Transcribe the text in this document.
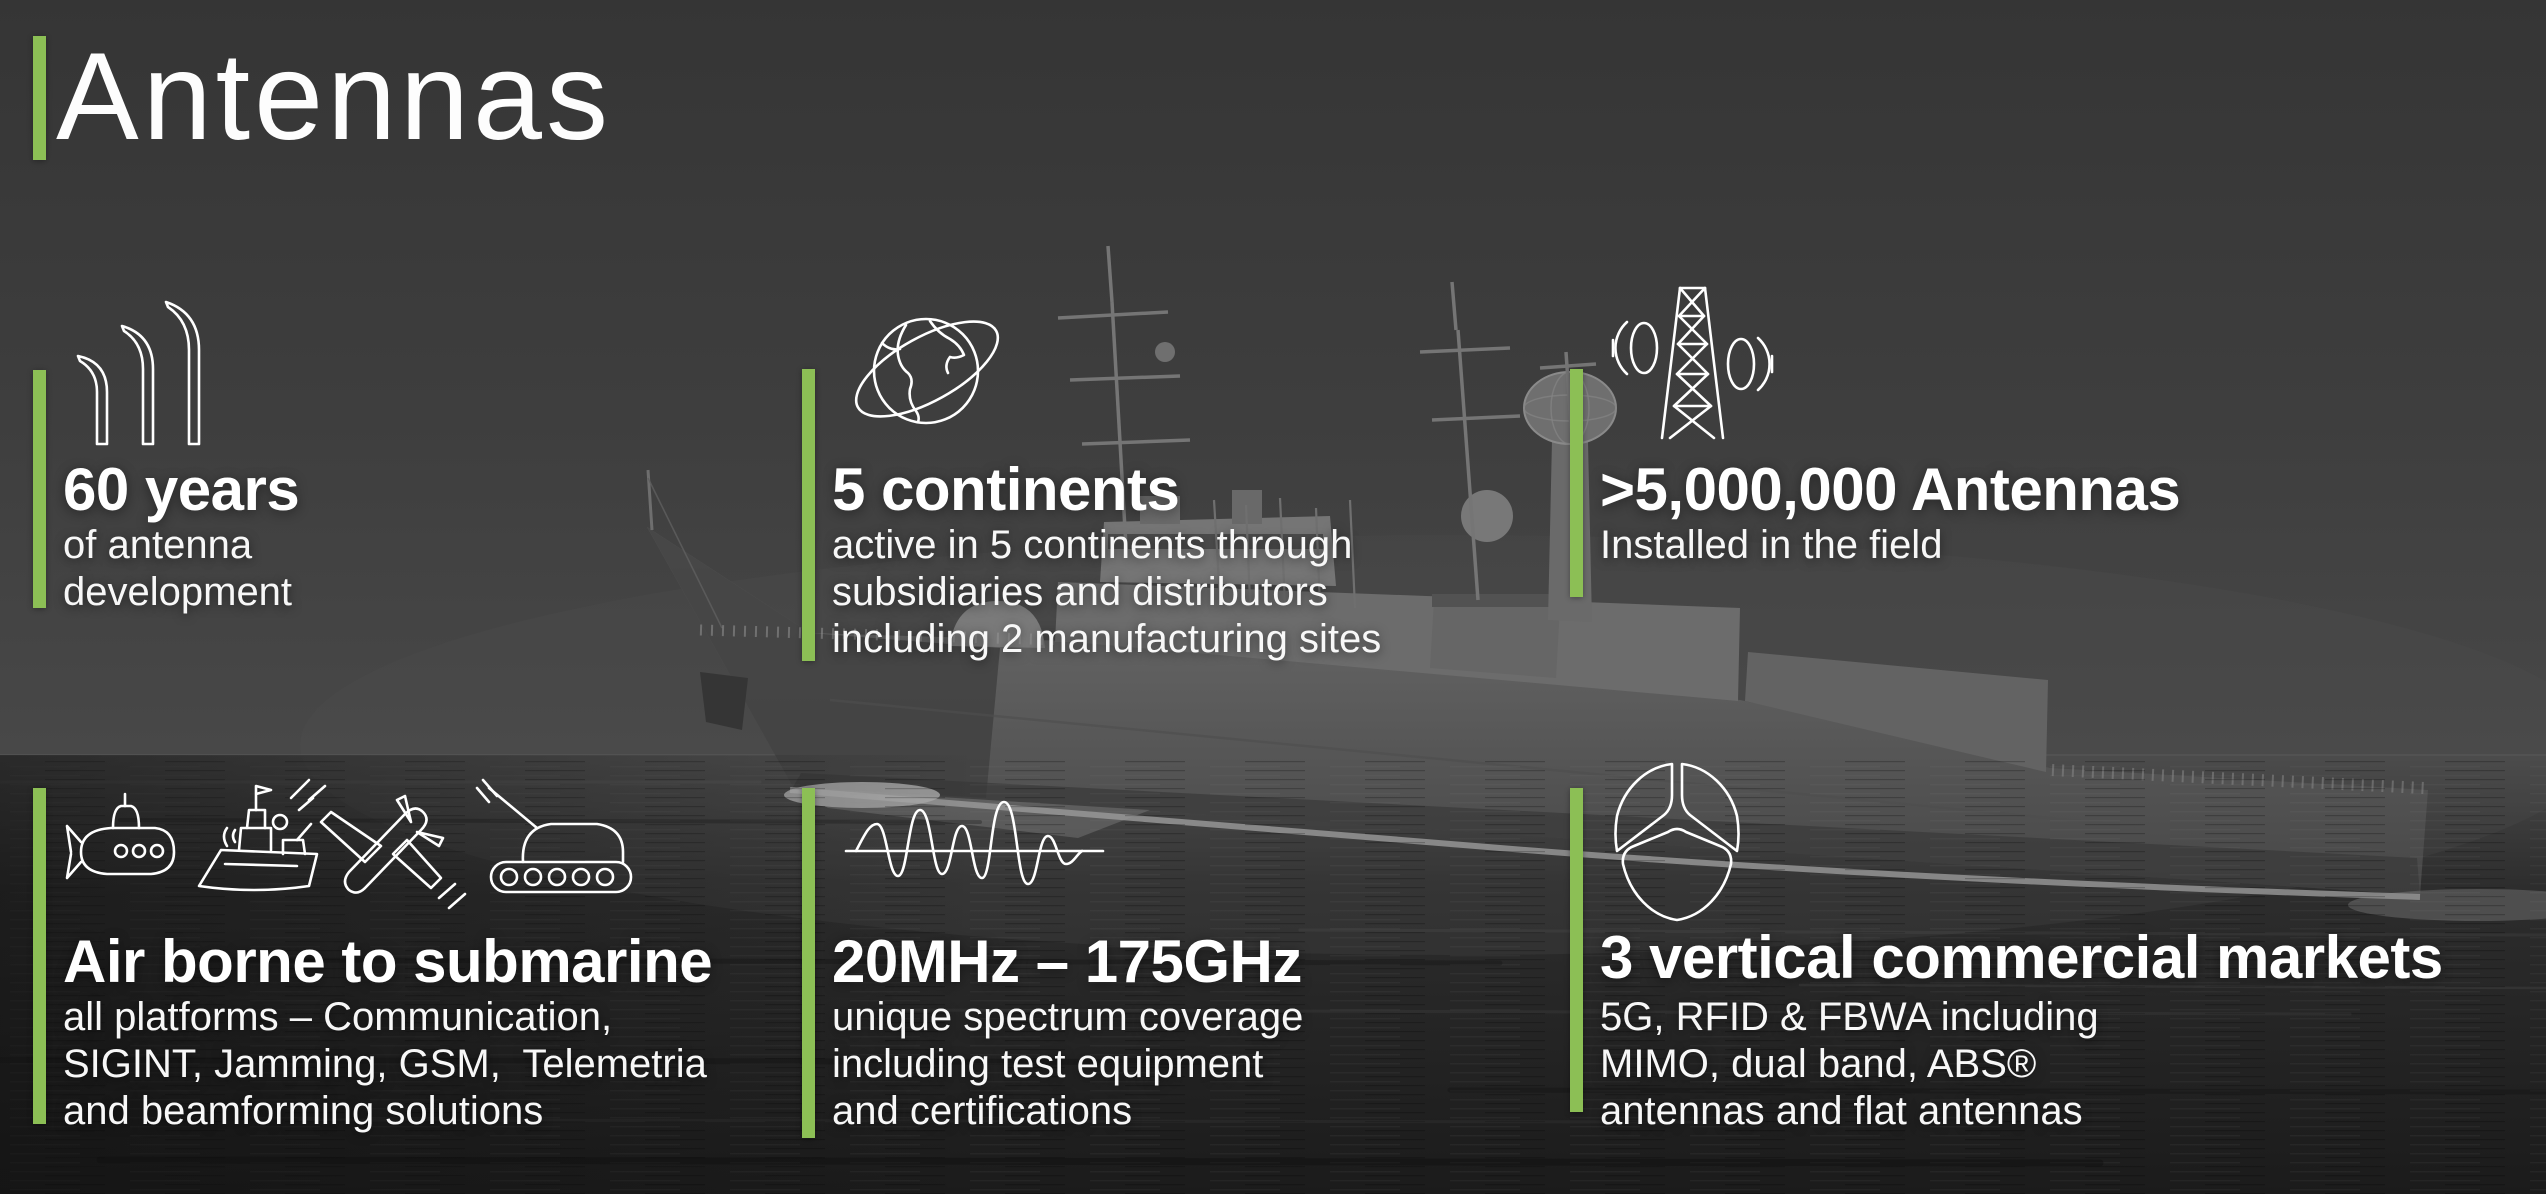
Antennas
60 years
of antenna
development
5 continents
active in 5 continents through
subsidiaries and distributors
including 2 manufacturing sites
>5,000,000 Antennas
Installed in the field
Air borne to submarine
all platforms – Communication,
SIGINT, Jamming, GSM,  Telemetria
and beamforming solutions
20MHz – 175GHz
unique spectrum coverage
including test equipment
and certifications
3 vertical commercial markets
5G, RFID & FBWA including
MIMO, dual band, ABS®
antennas and flat antennas
